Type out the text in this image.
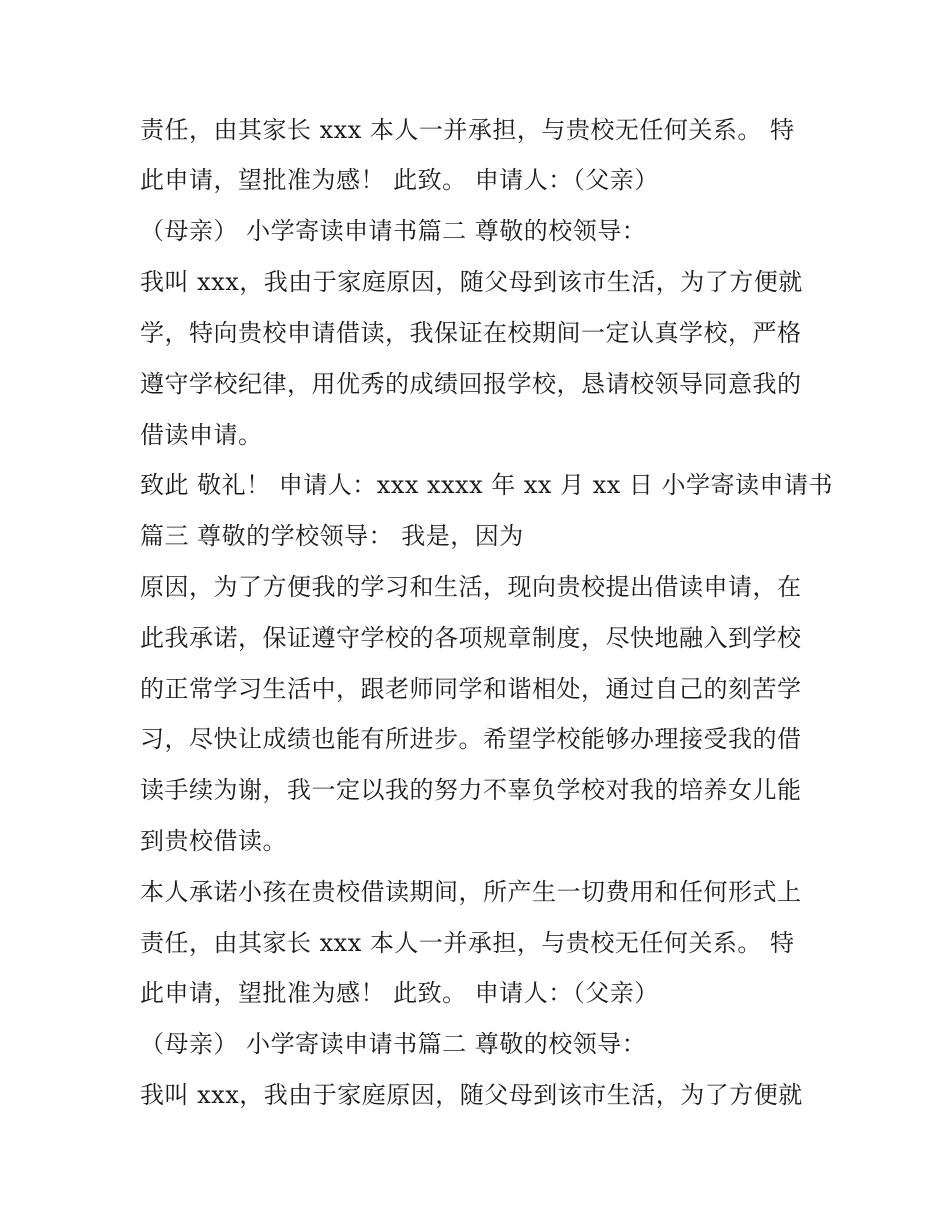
责任，由其家长 xxx 本人一并承担，与贵校无任何关系。 特
此申请，望批准为感！ 此致。 申请人：（父亲）
（母亲） 小学寄读申请书篇二 尊敬的校领导：
我叫 xxx，我由于家庭原因，随父母到该市生活，为了方便就
学，特向贵校申请借读，我保证在校期间一定认真学校，严格
遵守学校纪律，用优秀的成绩回报学校，恳请校领导同意我的
借读申请。
致此 敬礼！ 申请人：xxx xxxx 年 xx 月 xx 日 小学寄读申请书
篇三 尊敬的学校领导： 我是，因为
原因，为了方便我的学习和生活，现向贵校提出借读申请，在
此我承诺，保证遵守学校的各项规章制度，尽快地融入到学校
的正常学习生活中，跟老师同学和谐相处，通过自己的刻苦学
习，尽快让成绩也能有所进步。希望学校能够办理接受我的借
读手续为谢，我一定以我的努力不辜负学校对我的培养女儿能
到贵校借读。
本人承诺小孩在贵校借读期间，所产生一切费用和任何形式上
责任，由其家长 xxx 本人一并承担，与贵校无任何关系。 特
此申请，望批准为感！ 此致。 申请人：（父亲）
（母亲） 小学寄读申请书篇二 尊敬的校领导：
我叫 xxx，我由于家庭原因，随父母到该市生活，为了方便就
